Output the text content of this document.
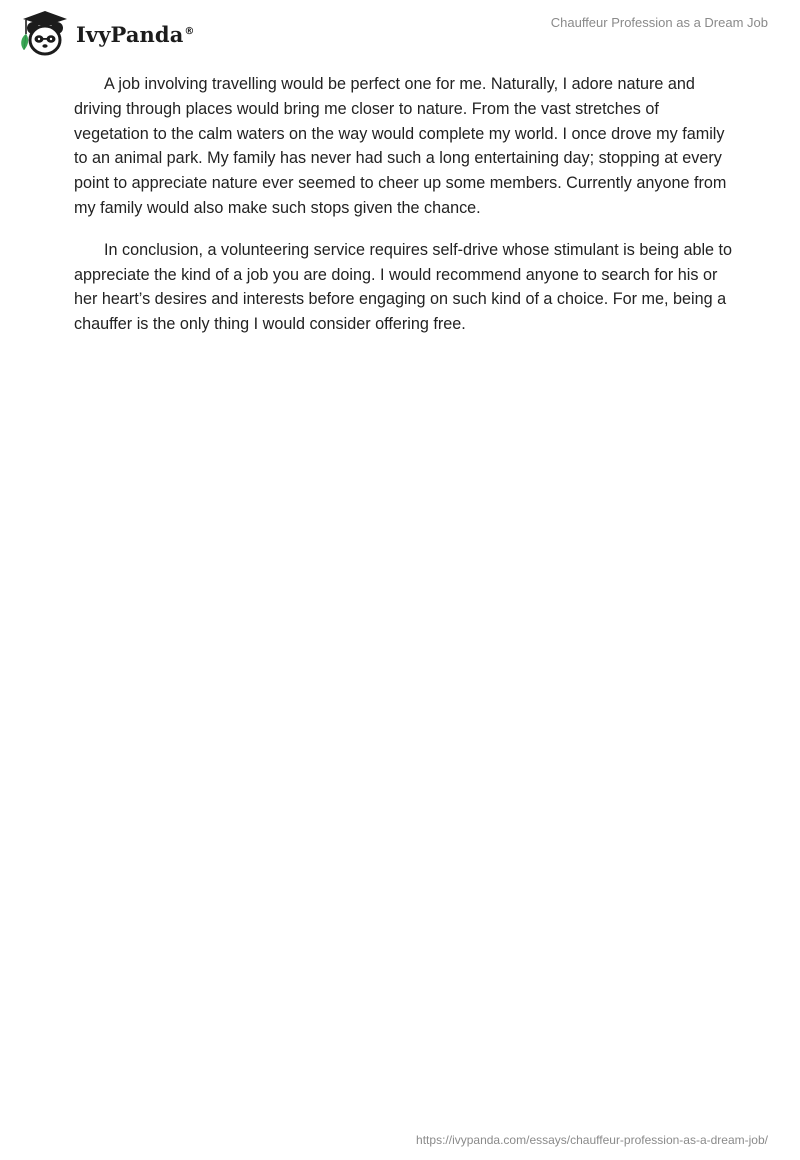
IvyPanda®
Chauffeur Profession as a Dream Job

A job involving travelling would be perfect one for me. Naturally, I adore nature and driving through places would bring me closer to nature. From the vast stretches of vegetation to the calm waters on the way would complete my world. I once drove my family to an animal park. My family has never had such a long entertaining day; stopping at every point to appreciate nature ever seemed to cheer up some members. Currently anyone from my family would also make such stops given the chance.

In conclusion, a volunteering service requires self-drive whose stimulant is being able to appreciate the kind of a job you are doing. I would recommend anyone to search for his or her heart’s desires and interests before engaging on such kind of a choice. For me, being a chauffer is the only thing I would consider offering free.

https://ivypanda.com/essays/chauffeur-profession-as-a-dream-job/
